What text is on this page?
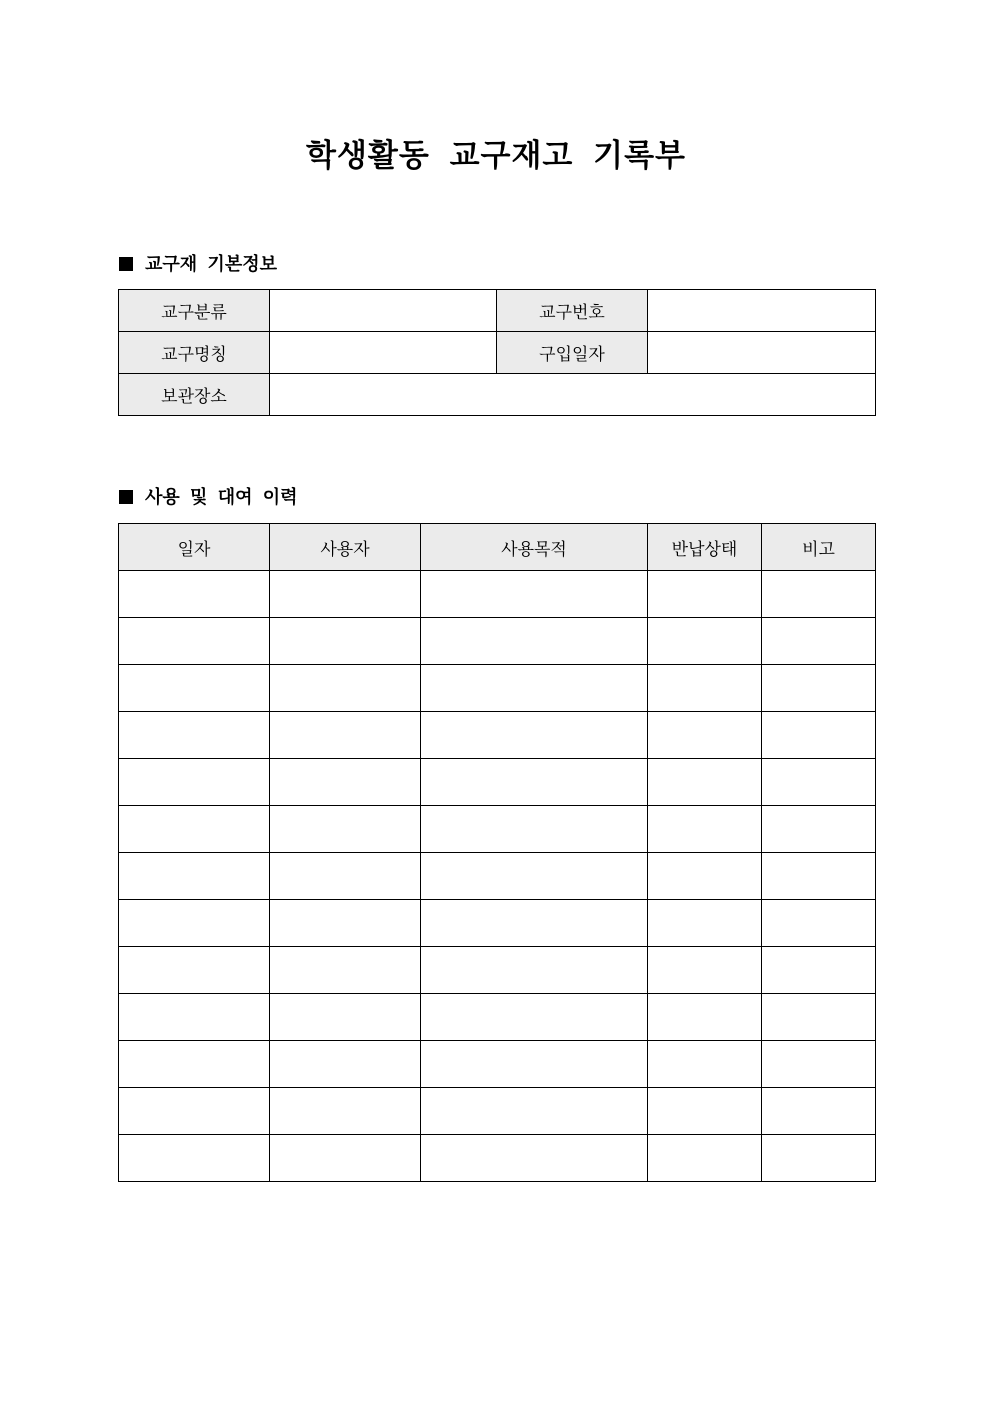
학생활동 교구재고 기록부
교구재 기본정보
교구분류		교구번호	
교구명칭		구입일자	
보관장소			
사용 및 대여 이력
일자	사용자	사용목적	반납상태	비고
